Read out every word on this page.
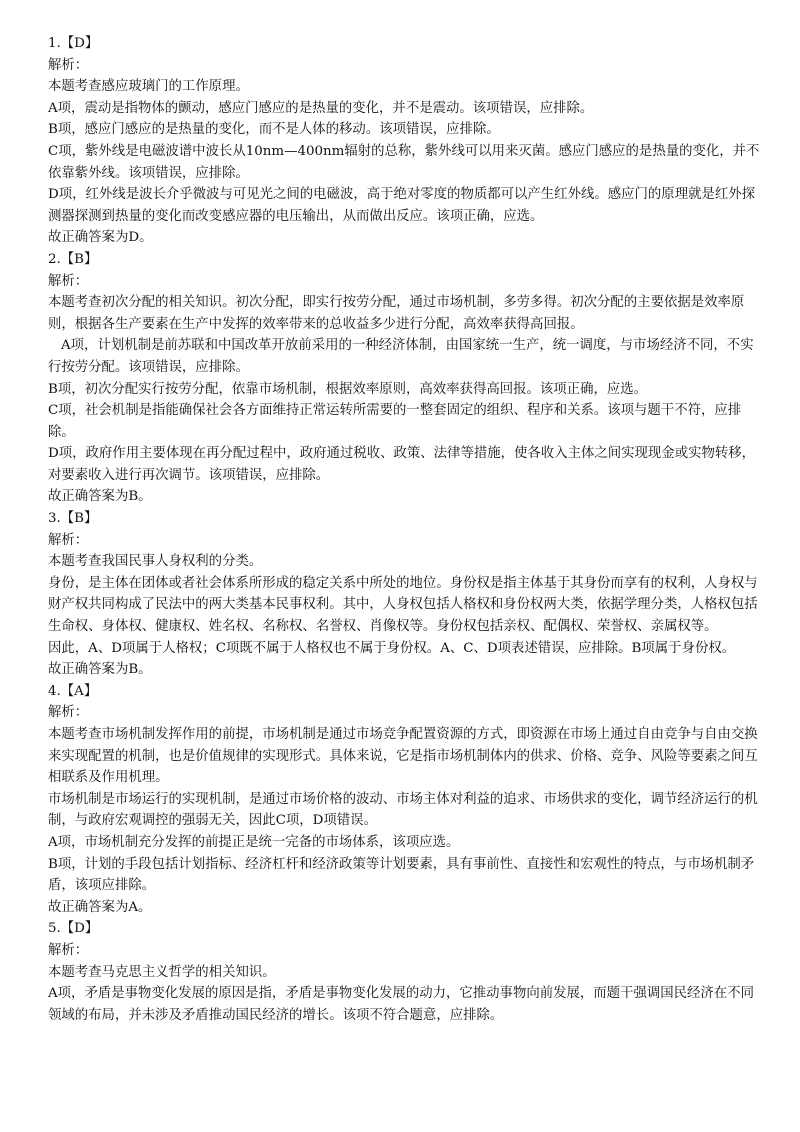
1.【D】

解析：

本题考查感应玻璃门的工作原理。

A项，震动是指物体的颤动，感应门感应的是热量的变化，并不是震动。该项错误，应排除。

B项，感应门感应的是热量的变化，而不是人体的移动。该项错误，应排除。

C项，紫外线是电磁波谱中波长从10nm—400nm辐射的总称，紫外线可以用来灭菌。感应门感应的是热量的变化，并不依靠紫外线。该项错误，应排除。

D项，红外线是波长介乎微波与可见光之间的电磁波，高于绝对零度的物质都可以产生红外线。感应门的原理就是红外探测器探测到热量的变化而改变感应器的电压输出，从而做出反应。该项正确，应选。

故正确答案为D。

2.【B】

解析：

本题考查初次分配的相关知识。初次分配，即实行按劳分配，通过市场机制，多劳多得。初次分配的主要依据是效率原则，根据各生产要素在生产中发挥的效率带来的总收益多少进行分配，高效率获得高回报。

A项，计划机制是前苏联和中国改革开放前采用的一种经济体制，由国家统一生产，统一调度，与市场经济不同，不实行按劳分配。该项错误，应排除。

B项，初次分配实行按劳分配，依靠市场机制，根据效率原则，高效率获得高回报。该项正确，应选。

C项，社会机制是指能确保社会各方面维持正常运转所需要的一整套固定的组织、程序和关系。该项与题干不符，应排除。

D项，政府作用主要体现在再分配过程中，政府通过税收、政策、法律等措施，使各收入主体之间实现现金或实物转移，对要素收入进行再次调节。该项错误，应排除。

故正确答案为B。

3.【B】

解析：

本题考查我国民事人身权利的分类。

身份，是主体在团体或者社会体系所形成的稳定关系中所处的地位。身份权是指主体基于其身份而享有的权利，人身权与财产权共同构成了民法中的两大类基本民事权利。其中，人身权包括人格权和身份权两大类，依据学理分类，人格权包括生命权、身体权、健康权、姓名权、名称权、名誉权、肖像权等。身份权包括亲权、配偶权、荣誉权、亲属权等。

因此，A、D项属于人格权；C项既不属于人格权也不属于身份权。A、C、D项表述错误，应排除。B项属于身份权。

故正确答案为B。

4.【A】

解析：

本题考查市场机制发挥作用的前提，市场机制是通过市场竞争配置资源的方式，即资源在市场上通过自由竞争与自由交换来实现配置的机制，也是价值规律的实现形式。具体来说，它是指市场机制体内的供求、价格、竞争、风险等要素之间互相联系及作用机理。

市场机制是市场运行的实现机制，是通过市场价格的波动、市场主体对利益的追求、市场供求的变化，调节经济运行的机制，与政府宏观调控的强弱无关，因此C项，D项错误。

A项，市场机制充分发挥的前提正是统一完备的市场体系，该项应选。

B项，计划的手段包括计划指标、经济杠杆和经济政策等计划要素，具有事前性、直接性和宏观性的特点，与市场机制矛盾，该项应排除。

故正确答案为A。

5.【D】

解析：

本题考查马克思主义哲学的相关知识。

A项，矛盾是事物变化发展的原因是指，矛盾是事物变化发展的动力，它推动事物向前发展，而题干强调国民经济在不同领域的布局，并未涉及矛盾推动国民经济的增长。该项不符合题意，应排除。
